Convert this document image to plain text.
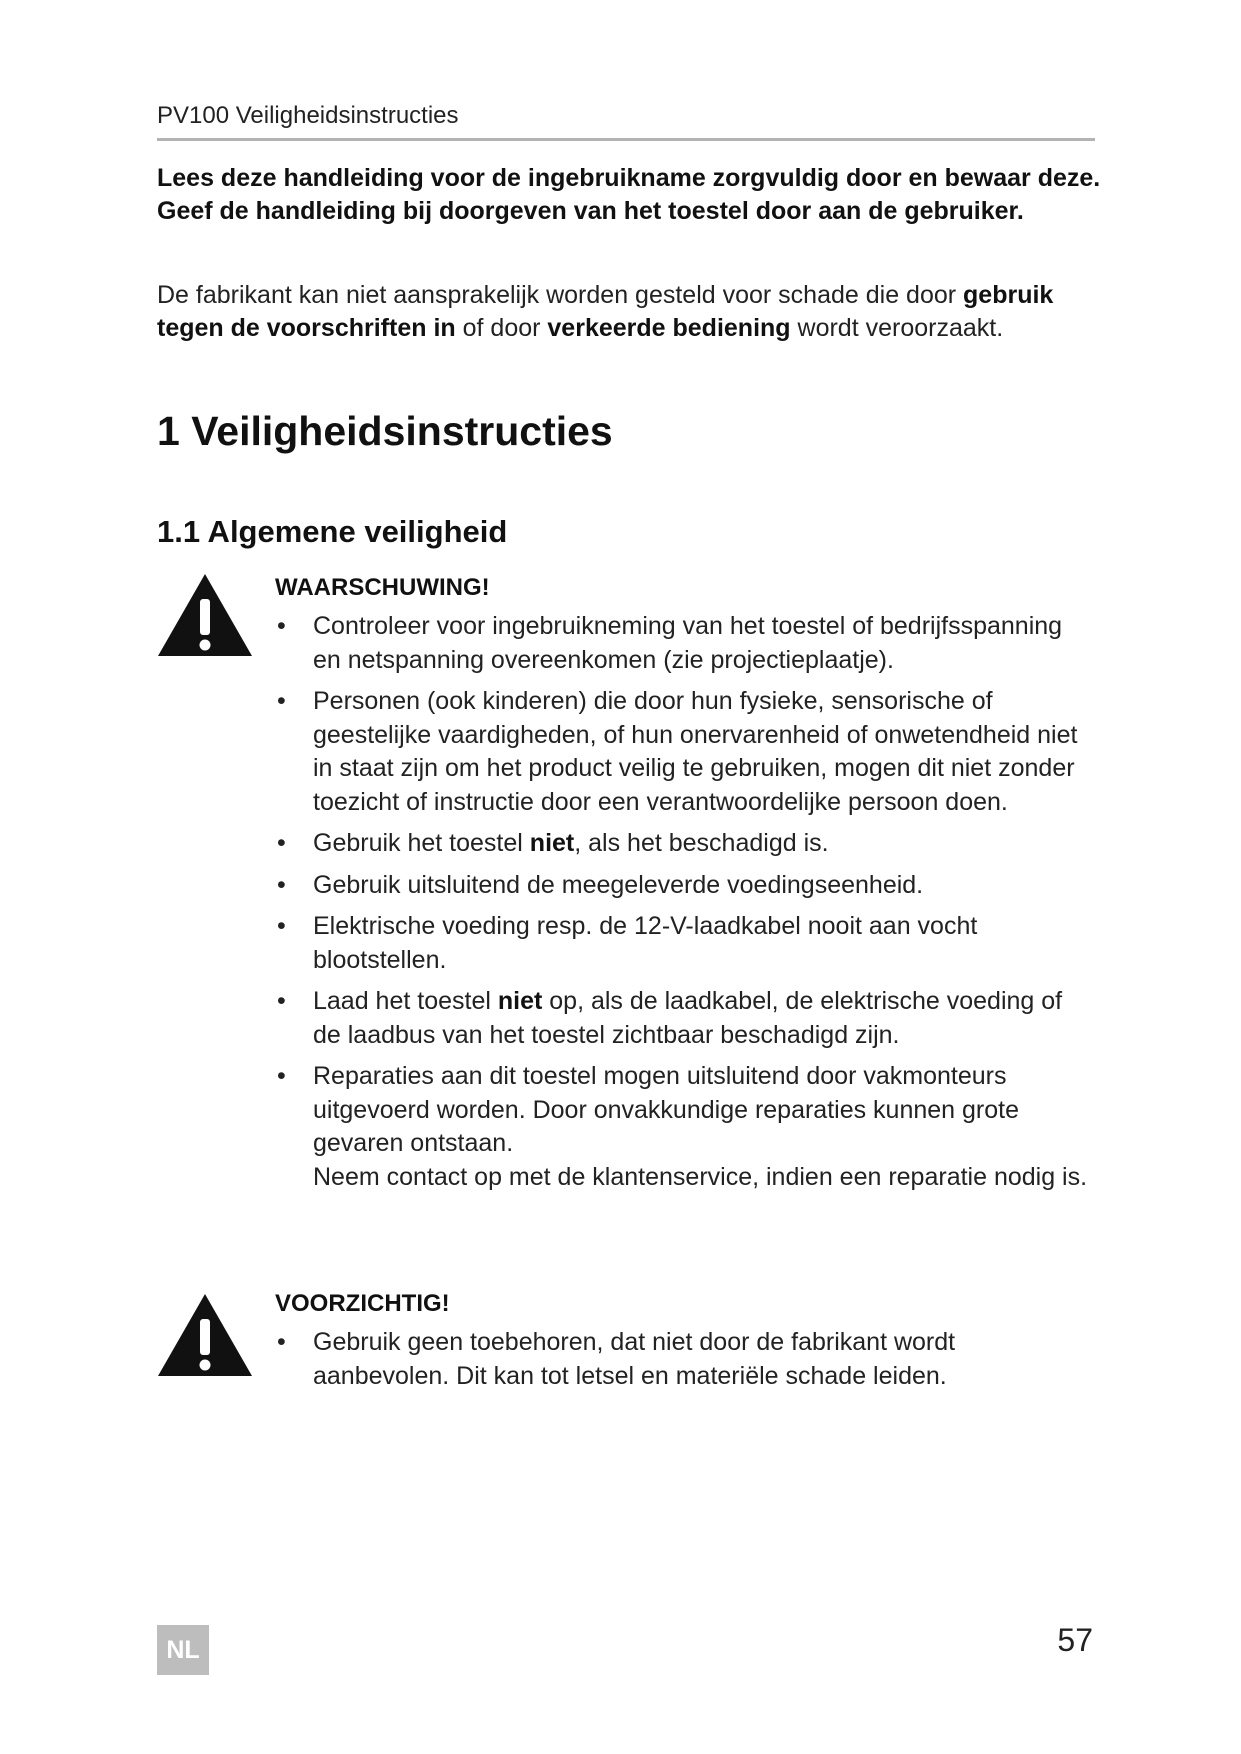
PV100 Veiligheidsinstructies
Lees deze handleiding voor de ingebruikname zorgvuldig door en bewaar deze. Geef de handleiding bij doorgeven van het toestel door aan de gebruiker.
De fabrikant kan niet aansprakelijk worden gesteld voor schade die door gebruik tegen de voorschriften in of door verkeerde bediening wordt veroorzaakt.
1 Veiligheidsinstructies
1.1 Algemene veiligheid
WAARSCHUWING!
• Controleer voor ingebruikneming van het toestel of bedrijfsspanning en netspanning overeenkomen (zie projectieplaatje).
• Personen (ook kinderen) die door hun fysieke, sensorische of geestelijke vaardigheden, of hun onervarenheid of onwetendheid niet in staat zijn om het product veilig te gebruiken, mogen dit niet zonder toezicht of instructie door een verantwoordelijke persoon doen.
• Gebruik het toestel niet, als het beschadigd is.
• Gebruik uitsluitend de meegeleverde voedingseenheid.
• Elektrische voeding resp. de 12-V-laadkabel nooit aan vocht blootstellen.
• Laad het toestel niet op, als de laadkabel, de elektrische voeding of de laadbus van het toestel zichtbaar beschadigd zijn.
• Reparaties aan dit toestel mogen uitsluitend door vakmonteurs uitgevoerd worden. Door onvakkundige reparaties kunnen grote gevaren ontstaan.
Neem contact op met de klantenservice, indien een reparatie nodig is.
VOORZICHTIG!
• Gebruik geen toebehoren, dat niet door de fabrikant wordt aanbevolen. Dit kan tot letsel en materiële schade leiden.
NL	57
